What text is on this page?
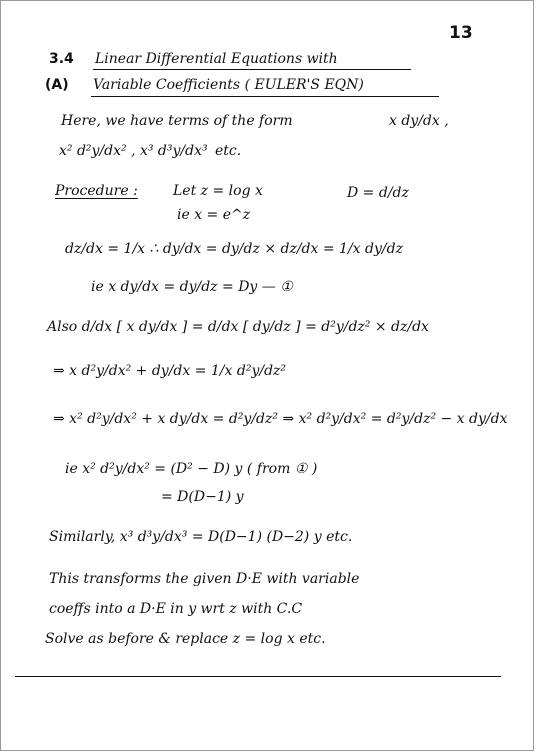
13
3.4 Linear Differential Equations with
(A) Variable Coefficients ( EULER'S EQN)
Here, we have terms of the form	x dy/dx ,
x² d²y/dx² , x³ d³y/dx³ etc.
Procedure :	Let z = log x	D = d/dz
ie x = e^z
dz/dx = 1/x ∴ dy/dx = dy/dz × dz/dx = 1/x dy/dz
ie x dy/dx = dy/dz = Dy — ①
Also d/dx [ x dy/dx ] = d/dx [ dy/dz ] = d²y/dz² × dz/dx
⇒ x d²y/dx² + dy/dx = 1/x d²y/dz²
⇒ x² d²y/dx² + x dy/dx = d²y/dz² ⇒ x² d²y/dx² = d²y/dz² − x dy/dx
ie x² d²y/dx² = (D² − D) y ( from ① )
= D(D−1) y
Similarly, x³ d³y/dx³ = D(D−1) (D−2) y etc.
This transforms the given D·E with variable
coeffs into a D·E in y wrt z with C.C
Solve as before & replace z = log x etc.
